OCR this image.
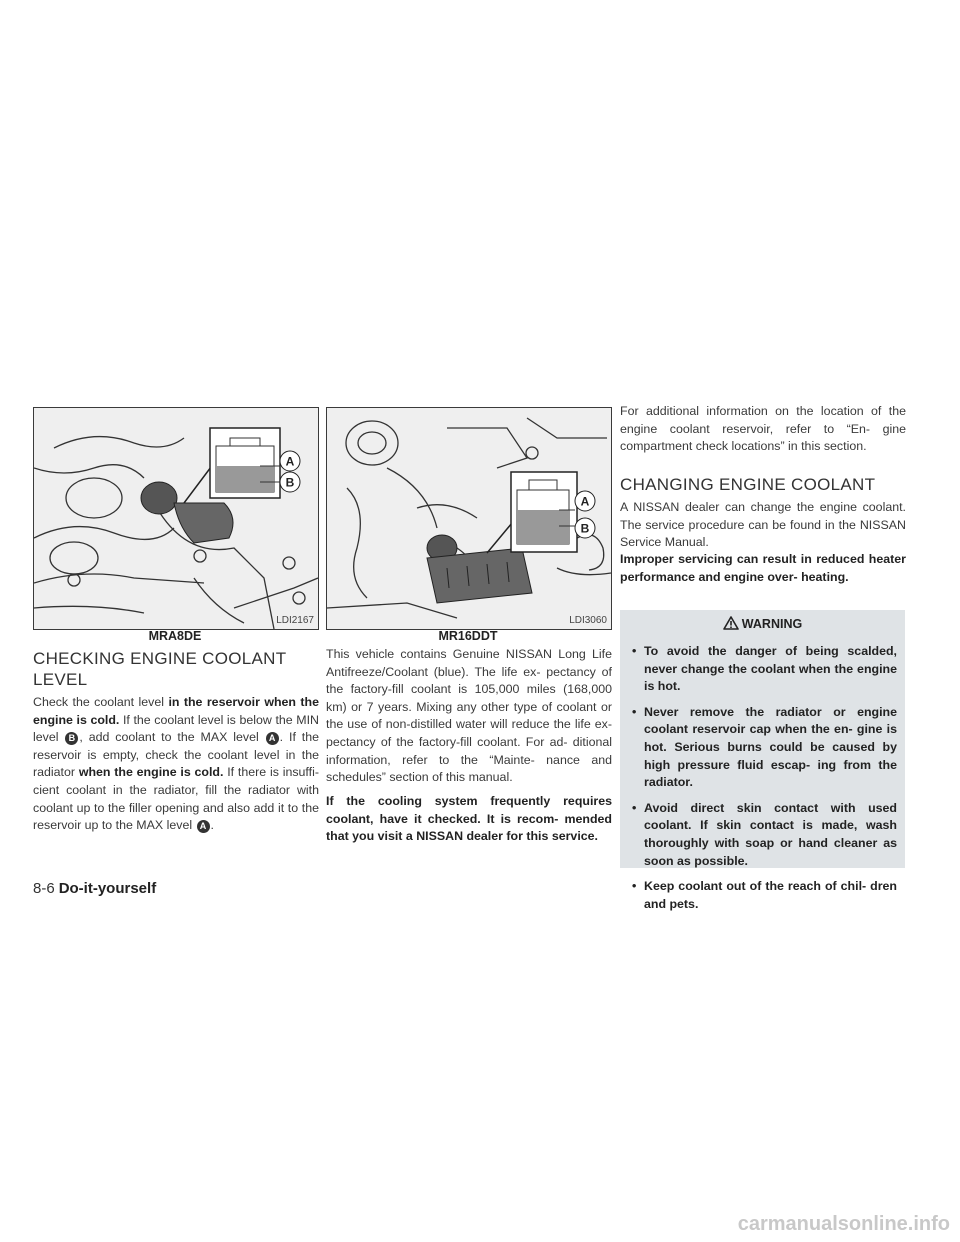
A
B
LDI2167
MRA8DE
A
B
LDI3060
MR16DDT
CHECKING ENGINE COOLANT LEVEL
Check the coolant level in the reservoir when the engine is cold. If the coolant level is below the MIN level B , add coolant to the MAX level A . If the reservoir is empty, check the coolant level in the radiator when the engine is cold. If there is insuffi- cient coolant in the radiator, fill the radiator with coolant up to the filler opening and also add it to the reservoir up to the MAX level A .
This vehicle contains Genuine NISSAN Long Life Antifreeze/Coolant (blue). The life ex- pectancy of the factory-fill coolant is 105,000 miles (168,000 km) or 7 years. Mixing any other type of coolant or the use of non-distilled water will reduce the life ex- pectancy of the factory-fill coolant. For ad- ditional information, refer to the “Mainte- nance and schedules” section of this manual.
If the cooling system frequently requires coolant, have it checked. It is recom- mended that you visit a NISSAN dealer for this service.
For additional information on the location of the engine coolant reservoir, refer to “En- gine compartment check locations” in this section.
CHANGING ENGINE COOLANT
A NISSAN dealer can change the engine coolant. The service procedure can be found in the NISSAN Service Manual.
Improper servicing can result in reduced heater performance and engine over- heating.
WARNING
• To avoid the danger of being scalded, never change the coolant when the engine is hot.
• Never remove the radiator or engine coolant reservoir cap when the en- gine is hot. Serious burns could be caused by high pressure fluid escap- ing from the radiator.
• Avoid direct skin contact with used coolant. If skin contact is made, wash thoroughly with soap or hand cleaner as soon as possible.
• Keep coolant out of the reach of chil- dren and pets.
8-6 Do-it-yourself
carmanualsonline.info
